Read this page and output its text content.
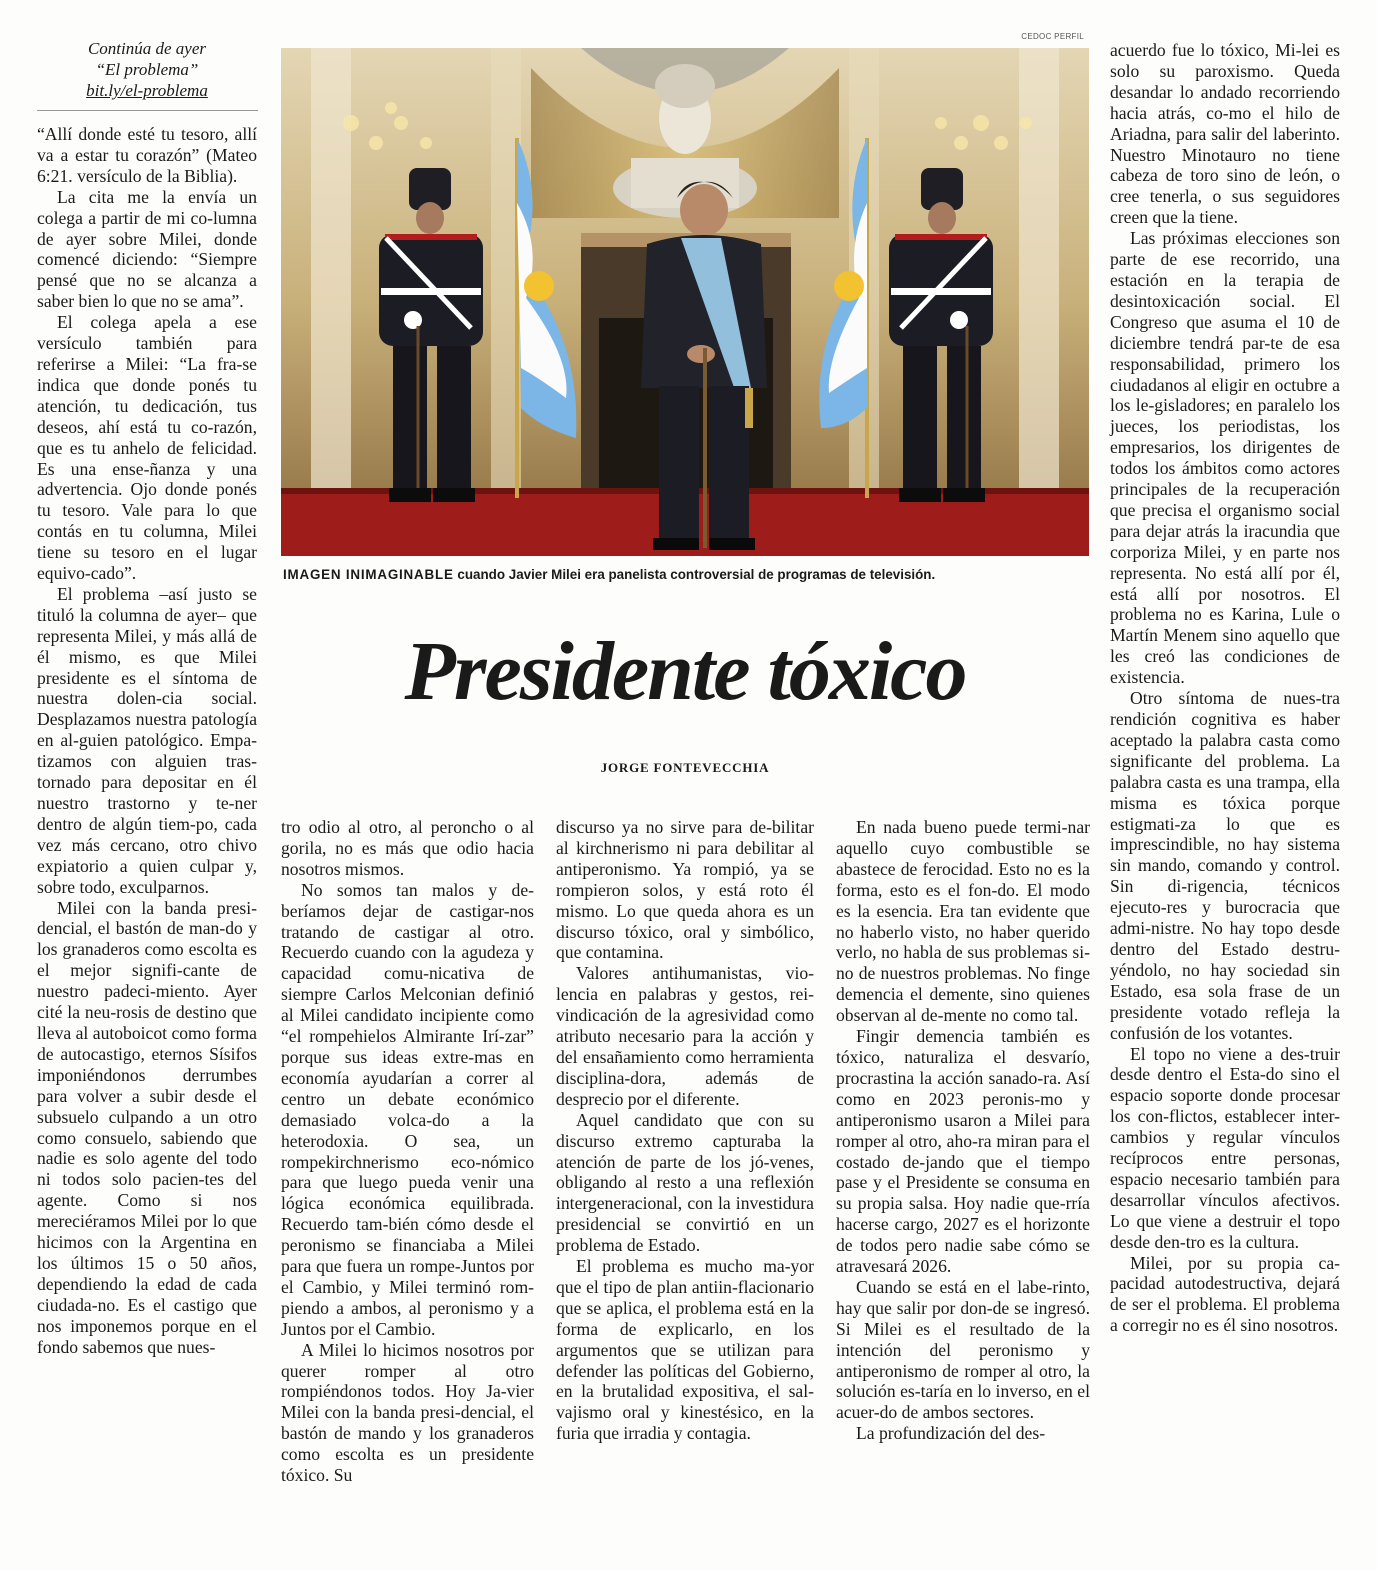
Continúa de ayer
“El problema”
bit.ly/el-problema

“Allí donde esté tu tesoro, allí va a estar tu corazón” (Mateo 6:21. versículo de la Biblia).

La cita me la envía un colega a partir de mi co-lumna de ayer sobre Milei, donde comencé diciendo: “Siempre pensé que no se alcanza a saber bien lo que no se ama”.

El colega apela a ese versículo también para referirse a Milei: “La fra-se indica que donde ponés tu atención, tu dedicación, tus deseos, ahí está tu co-razón, que es tu anhelo de felicidad. Es una ense-ñanza y una advertencia. Ojo donde ponés tu tesoro. Vale para lo que contás en tu columna, Milei tiene su tesoro en el lugar equivo-cado”.

El problema –así justo se tituló la columna de ayer– que representa Milei, y más allá de él mismo, es que Milei presidente es el síntoma de nuestra dolen-cia social. Desplazamos nuestra patología en al-guien patológico. Empa-tizamos con alguien tras-tornado para depositar en él nuestro trastorno y te-ner dentro de algún tiem-po, cada vez más cercano, otro chivo expiatorio a quien culpar y, sobre todo, exculparnos.

Milei con la banda presi-dencial, el bastón de man-do y los granaderos como escolta es el mejor signifi-cante de nuestro padeci-miento. Ayer cité la neu-rosis de destino que lleva al autoboicot como forma de autocastigo, eternos Sísifos imponiéndonos derrumbes para volver a subir desde el subsuelo culpando a un otro como consuelo, sabiendo que nadie es solo agente del todo ni todos solo pacien-tes del agente. Como si nos mereciéramos Milei por lo que hicimos con la Argentina en los últimos 15 o 50 años, dependiendo la edad de cada ciudada-no. Es el castigo que nos imponemos porque en el fondo sabemos que nues-

CEDOC PERFIL
IMAGEN INIMAGINABLE cuando Javier Milei era panelista controversial de programas de televisión.
Presidente tóxico
JORGE FONTEVECCHIA

tro odio al otro, al peroncho o al gorila, no es más que odio hacia nosotros mismos.

No somos tan malos y de-beríamos dejar de castigar-nos tratando de castigar al otro. Recuerdo cuando con la agudeza y capacidad comu-nicativa de siempre Carlos Melconian definió al Milei candidato incipiente como “el rompehielos Almirante Irí-zar” porque sus ideas extre-mas en economía ayudarían a correr al centro un debate económico demasiado volca-do a la heterodoxia. O sea, un rompekirchnerismo eco-nómico para que luego pueda venir una lógica económica equilibrada. Recuerdo tam-bién cómo desde el peronismo se financiaba a Milei para que fuera un rompe-Juntos por el Cambio, y Milei terminó rom-piendo a ambos, al peronismo y a Juntos por el Cambio.

A Milei lo hicimos nosotros por querer romper al otro rompiéndonos todos. Hoy Ja-vier Milei con la banda presi-dencial, el bastón de mando y los granaderos como escolta es un presidente tóxico. Su

discurso ya no sirve para de-bilitar al kirchnerismo ni para debilitar al antiperonismo. Ya rompió, ya se rompieron solos, y está roto él mismo. Lo que queda ahora es un discurso tóxico, oral y simbólico, que contamina.

Valores antihumanistas, vio-lencia en palabras y gestos, rei-vindicación de la agresividad como atributo necesario para la acción y del ensañamiento como herramienta disciplina-dora, además de desprecio por el diferente.

Aquel candidato que con su discurso extremo capturaba la atención de parte de los jó-venes, obligando al resto a una reflexión intergeneracional, con la investidura presidencial se convirtió en un problema de Estado.

El problema es mucho ma-yor que el tipo de plan antiin-flacionario que se aplica, el problema está en la forma de explicarlo, en los argumentos que se utilizan para defender las políticas del Gobierno, en la brutalidad expositiva, el sal-vajismo oral y kinestésico, en la furia que irradia y contagia.

En nada bueno puede termi-nar aquello cuyo combustible se abastece de ferocidad. Esto no es la forma, esto es el fon-do. El modo es la esencia. Era tan evidente que no haberlo visto, no haber querido verlo, no habla de sus problemas si-no de nuestros problemas. No finge demencia el demente, sino quienes observan al de-mente no como tal.

Fingir demencia también es tóxico, naturaliza el desvarío, procrastina la acción sanado-ra. Así como en 2023 peronis-mo y antiperonismo usaron a Milei para romper al otro, aho-ra miran para el costado de-jando que el tiempo pase y el Presidente se consuma en su propia salsa. Hoy nadie que-rría hacerse cargo, 2027 es el horizonte de todos pero nadie sabe cómo se atravesará 2026.

Cuando se está en el labe-rinto, hay que salir por don-de se ingresó. Si Milei es el resultado de la intención del peronismo y antiperonismo de romper al otro, la solución es-taría en lo inverso, en el acuer-do de ambos sectores.

La profundización del des-

acuerdo fue lo tóxico, Mi-lei es solo su paroxismo. Queda desandar lo andado recorriendo hacia atrás, co-mo el hilo de Ariadna, para salir del laberinto. Nuestro Minotauro no tiene cabeza de toro sino de león, o cree tenerla, o sus seguidores creen que la tiene.

Las próximas elecciones son parte de ese recorrido, una estación en la terapia de desintoxicación social. El Congreso que asuma el 10 de diciembre tendrá par-te de esa responsabilidad, primero los ciudadanos al eligir en octubre a los le-gisladores; en paralelo los jueces, los periodistas, los empresarios, los dirigentes de todos los ámbitos como actores principales de la recuperación que precisa el organismo social para dejar atrás la iracundia que corporiza Milei, y en parte nos representa. No está allí por él, está allí por nosotros. El problema no es Karina, Lule o Martín Menem sino aquello que les creó las condiciones de existencia.

Otro síntoma de nues-tra rendición cognitiva es haber aceptado la palabra casta como significante del problema. La palabra casta es una trampa, ella misma es tóxica porque estigmati-za lo que es imprescindible, no hay sistema sin mando, comando y control. Sin di-rigencia, técnicos ejecuto-res y burocracia que admi-nistre. No hay topo desde dentro del Estado destru-yéndolo, no hay sociedad sin Estado, esa sola frase de un presidente votado refleja la confusión de los votantes.

El topo no viene a des-truir desde dentro el Esta-do sino el espacio soporte donde procesar los con-flictos, establecer inter-cambios y regular vínculos recíprocos entre personas, espacio necesario también para desarrollar vínculos afectivos. Lo que viene a destruir el topo desde den-tro es la cultura.

Milei, por su propia ca-pacidad autodestructiva, dejará de ser el problema. El problema a corregir no es él sino nosotros.
